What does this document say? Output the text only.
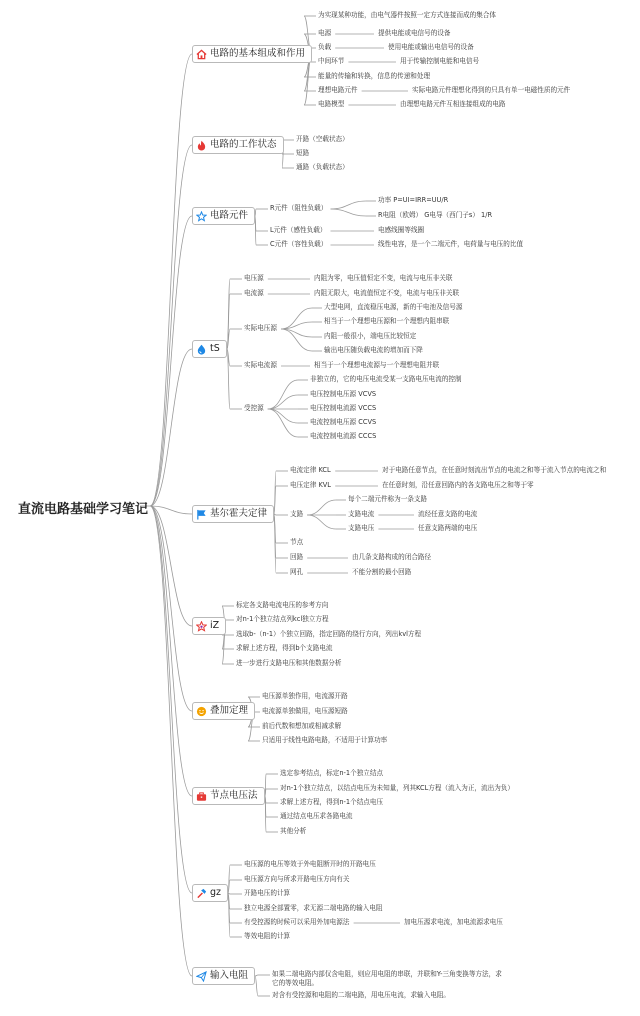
直流电路基础学习笔记
电路的基本组成和作用
为实现某种功能，由电气器件按照一定方式连接而成的集合体
电源	提供电能或电信号的设备
负载	使用电能或输出电信号的设备
中间环节	用于传输控制电能和电信号
能量的传输和转换，信息的传递和处理
理想电路元件	实际电路元件理想化得到的只具有单一电磁性质的元件
电路模型	由理想电路元件互相连接组成的电路
电路的工作状态	开路（空载状态）
短路
通路（负载状态）
电路元件
R元件（阻性负载）
功率 P=UI=IRR=UU/R
R电阻（欧姆） G电导（西门子s） 1/R
L元件（感性负载）	电感线圈等线圈
C元件（容性负载）	线性电容，是一个二端元件，电荷量与电压的比值
tS
电压源	内阻为零，电压值恒定不变，电流与电压非关联
电流源	内阻无限大，电流值恒定不变，电流与电压非关联
实际电压源
大型电网，直流稳压电源，新的干电池及信号源
相当于一个理想电压源和一个理想内阻串联
内阻一般很小，端电压比较恒定
输出电压随负载电流的增加而下降
实际电流源	相当于一个理想电流源与一个理想电阻并联
受控源
非独立的，它的电压电流受某一支路电压电流的控制
电压控制电压源 VCVS
电压控制电流源 VCCS
电流控制电压源 CCVS
电流控制电流源 CCCS
基尔霍夫定律
电流定律 KCL	对于电路任意节点，在任意时刻流出节点的电流之和等于流入节点的电流之和
电压定律 KVL	在任意时刻，沿任意回路内的各支路电压之和等于零
支路
每个二端元件称为一条支路
支路电流	流经任意支路的电流
支路电压	任意支路两端的电压
节点
回路	由几条支路构成的闭合路径
网孔	不能分割的最小回路
iZ
标定各支路电流电压的参考方向
对n-1个独立结点列kcl独立方程
选取b-（n-1）个独立回路，指定回路的绕行方向，列出kvl方程
求解上述方程，得到b个支路电流
进一步进行支路电压和其他数据分析
叠加定理
电压源单独作用，电流源开路
电流源单独做用，电压源短路
前后代数和想加或相减求解
只适用于线性电路电路，不适用于计算功率
节点电压法
选定参考结点，标定n-1个独立结点
对n-1个独立结点，以结点电压为未知量，列其KCL方程（流入为正，流出为负）
求解上述方程，得到n-1个结点电压
通过结点电压求各路电流
其他分析
gz
电压源的电压等效于外电阻断开时的开路电压
电压源方向与所求开路电压方向有关
开路电压的计算
独立电源全部置零，求无源二端电路的输入电阻
有受控源的时候可以采用外加电源法	加电压源求电流，加电流源求电压
等效电阻的计算
输入电阻	如果二端电路内部仅含电阻，则应用电阻的串联，并联和Y-三角变换等方法，求它的等效电阻。
对含有受控源和电阻的二端电路，用电压电流，求输入电阻。
